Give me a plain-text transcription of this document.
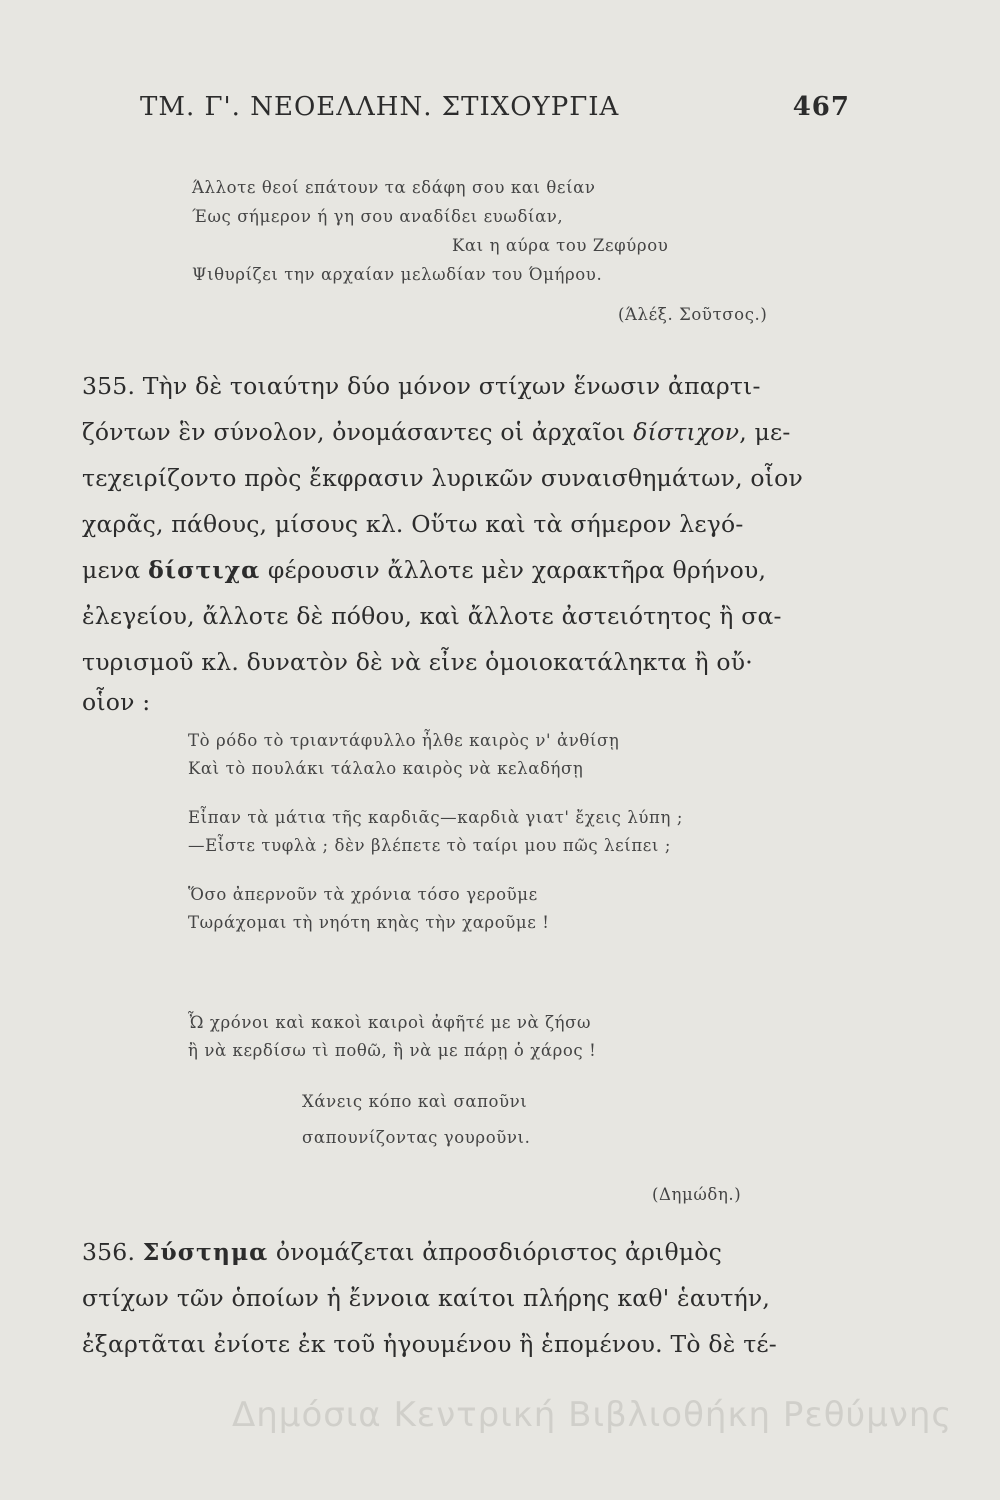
ΤΜ. Γ'. ΝΕΟΕΛΛΗΝ. ΣΤΙΧΟΥΡΓΙΑ	467
Άλλοτε θεοί επάτουν τα εδάφη σου και θείαν
Έως σήμερον ή γη σου αναδίδει ευωδίαν,
Και η αύρα του Ζεφύρου
Ψιθυρίζει την αρχαίαν μελωδίαν του Όμήρου.
(Άλέξ. Σοῦτσος.)
355. Τὴν δὲ τοιαύτην δύο μόνον στίχων ἕνωσιν ἀπαρτι-
ζόντων ἓν σύνολον, ὀνομάσαντες οἱ ἀρχαῖοι δίστιχον, με-
τεχειρίζοντο πρὸς ἔκφρασιν λυρικῶν συναισθημάτων, οἷον
χαρᾶς, πάθους, μίσους κλ. Οὕτω καὶ τὰ σήμερον λεγό-
μενα δίστιχα φέρουσιν ἄλλοτε μὲν χαρακτῆρα θρήνου,
ἐλεγείου, ἄλλοτε δὲ πόθου, καὶ ἄλλοτε ἀστειότητος ἢ σα-
τυρισμοῦ κλ. δυνατὸν δὲ νὰ εἶνε ὁμοιοκατάληκτα ἢ οὔ·
οἷον :
Τὸ ρόδο τὸ τριαντάφυλλο ἦλθε καιρὸς ν' ἀνθίσῃ
Καὶ τὸ πουλάκι τάλαλο καιρὸς νὰ κελαδήσῃ
Εἶπαν τὰ μάτια τῆς καρδιᾶς—καρδιὰ γιατ' ἔχεις λύπη ;
—Εἶστε τυφλὰ ; δὲν βλέπετε τὸ ταίρι μου πῶς λείπει ;
Ὅσο ἀπερνοῦν τὰ χρόνια τόσο γεροῦμε
Τωράχομαι τὴ νηότη κηὰς τὴν χαροῦμε !
Ὦ χρόνοι καὶ κακοὶ καιροὶ ἀφῆτέ με νὰ ζήσω
ἢ νὰ κερδίσω τὶ ποθῶ, ἢ νὰ με πάρῃ ὁ χάρος !
Χάνεις κόπο καὶ σαποῦνι
σαπουνίζοντας γουροῦνι.
(Δημώδη.)
356. Σύστημα ὀνομάζεται ἀπροσδιόριστος ἀριθμὸς
στίχων τῶν ὁποίων ἡ ἔννοια καίτοι πλήρης καθ' ἑαυτήν,
ἐξαρτᾶται ἐνίοτε ἐκ τοῦ ἡγουμένου ἢ ἑπομένου. Τὸ δὲ τέ-
Δημόσια Κεντρική Βιβλιοθήκη Ρεθύμνης
